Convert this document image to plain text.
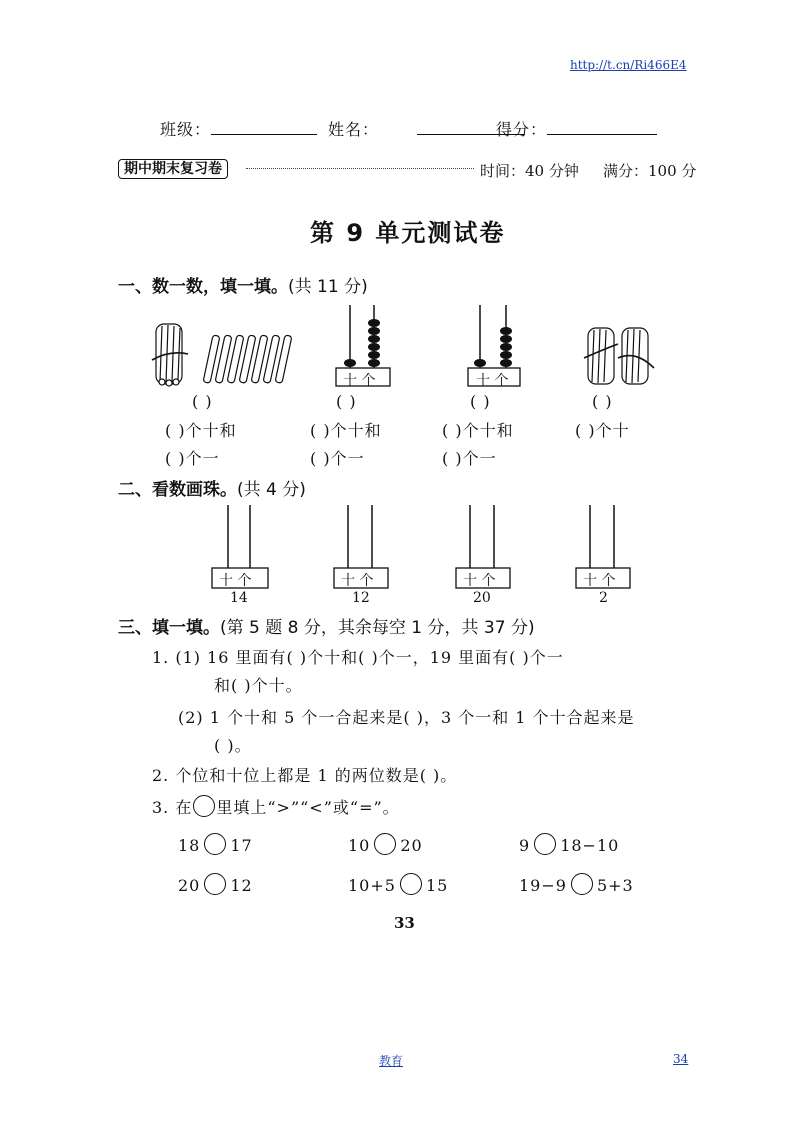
http://t.cn/Ri466E4
班级：	姓名：	得分：
期中期末复习卷	时间：40 分钟 满分：100 分
第 9 单元测试卷
一、数一数，填一填。(共 11 分)
十 个	十 个
( )	( )	( )	( )
( )个十和	( )个十和	( )个十和	( )个十
( )个一	( )个一	( )个一
二、看数画珠。(共 4 分)
十 个	十 个	十 个	十 个
14	12	20	2
三、填一填。(第 5 题 8 分，其余每空 1 分，共 37 分)
1. (1) 16 里面有( )个十和( )个一，19 里面有( )个一
和( )个十。
(2) 1 个十和 5 个一合起来是( )，3 个一和 1 个十合起来是
( )。
2. 个位和十位上都是 1 的两位数是( )。
3. 在 里填上“>”“<”或“=”。
18 17	10 20	9 18−10
20 12	10+5 15	19−9 5+3
33
教育	34
